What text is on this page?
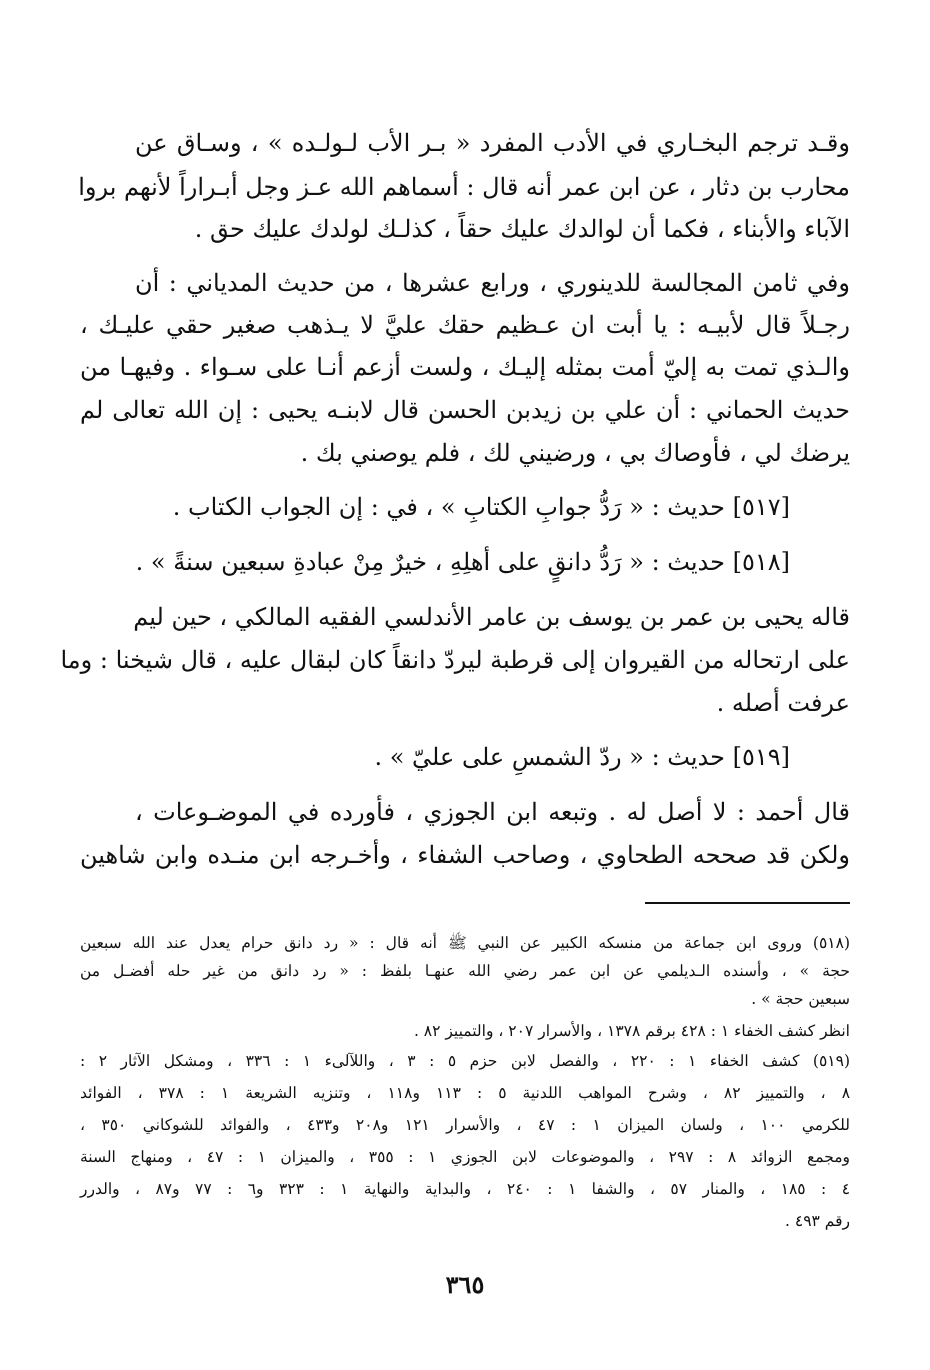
وقـد ترجم البخـاري في الأدب المفرد « بـر الأب لـولـده » ، وسـاق عن
محارب بن دثار ، عن ابن عمر أنه قال : أسماهم الله عـز وجل أبـراراً لأنهم بروا
الآباء والأبناء ، فكما أن لوالدك عليك حقاً ، كذلـك لولدك عليك حق .
وفي ثامن المجالسة للدينوري ، ورابع عشرها ، من حديث المدياني : أن
رجـلاً قال لأبيـه : يا أبت ان عـظيم حقك عليَّ لا يـذهب صغير حقي عليـك ،
والـذي تمت به إليّ أمت بمثله إليـك ، ولست أزعم أنـا على سـواء . وفيهـا من
حديث الحماني : أن علي بن زيدبن الحسن قال لابنـه يحيى : إن الله تعالى لم
يرضك لي ، فأوصاك بي ، ورضيني لك ، فلم يوصني بك .
[٥١٧] حديث : « رَدُّ جوابِ الكتابِ » ، في : إن الجواب الكتاب .
[٥١٨] حديث : « رَدُّ دانقٍ على أهلِهِ ، خيرٌ مِنْ عبادةِ سبعين سنةً » .
قاله يحيى بن عمر بن يوسف بن عامر الأندلسي الفقيه المالكي ، حين ليم
على ارتحاله من القيروان إلى قرطبة ليردّ دانقاً كان لبقال عليه ، قال شيخنا : وما
عرفت أصله .
[٥١٩] حديث : « ردّ الشمسِ على عليّ » .
قال أحمد : لا أصل له . وتبعه ابن الجوزي ، فأورده في الموضـوعات ،
ولكن قد صححه الطحاوي ، وصاحب الشفاء ، وأخـرجه ابن منـده وابن شاهين
(٥١٨) وروى ابن جماعة من منسكه الكبير عن النبي ﷺ أنه قال : « رد دانق حرام يعدل عند الله سبعين
حجة » ، وأسنده الـديلمي عن ابن عمر رضي الله عنهـا بلفظ : « رد دانق من غير حله أفضـل من
سبعين حجة » .
انظر كشف الخفاء ١ : ٤٢٨ برقم ١٣٧٨ ، والأسرار ٢٠٧ ، والتمييز ٨٢ .
(٥١٩) كشف الخفاء ١ : ٢٢٠ ، والفصل لابن حزم ٥ : ٣ ، واللآلىء ١ : ٣٣٦ ، ومشكل الآثار ٢ :
٨ ، والتمييز ٨٢ ، وشرح المواهب اللدنية ٥ : ١١٣ و١١٨ ، وتنزيه الشريعة ١ : ٣٧٨ ، الفوائد
للكرمي ١٠٠ ، ولسان الميزان ١ : ٤٧ ، والأسرار ١٢١ و٢٠٨ و٤٣٣ ، والفوائد للشوكاني ٣٥٠ ،
ومجمع الزوائد ٨ : ٢٩٧ ، والموضوعات لابن الجوزي ١ : ٣٥٥ ، والميزان ١ : ٤٧ ، ومنهاج السنة
٤ : ١٨٥ ، والمنار ٥٧ ، والشفا ١ : ٢٤٠ ، والبداية والنهاية ١ : ٣٢٣ و٦ : ٧٧ و٨٧ ، والدرر
رقم ٤٩٣ .
٣٦٥
